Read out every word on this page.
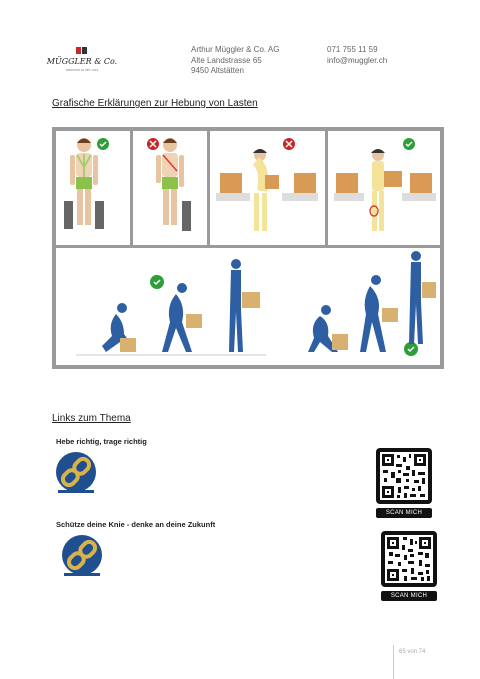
MÜGGLER & Co.
SPEDITION AG SEIT 1919
Arthur Müggler & Co. AG
Alte Landstrasse 65
9450 Altstätten
071 755 11 59
info@muggler.ch
Grafische Erklärungen zur Hebung von Lasten
Links zum Thema
Hebe richtig, trage richtig
SCAN MICH
Schütze deine Knie - denke an deine Zukunft
SCAN MICH
65 von 74
